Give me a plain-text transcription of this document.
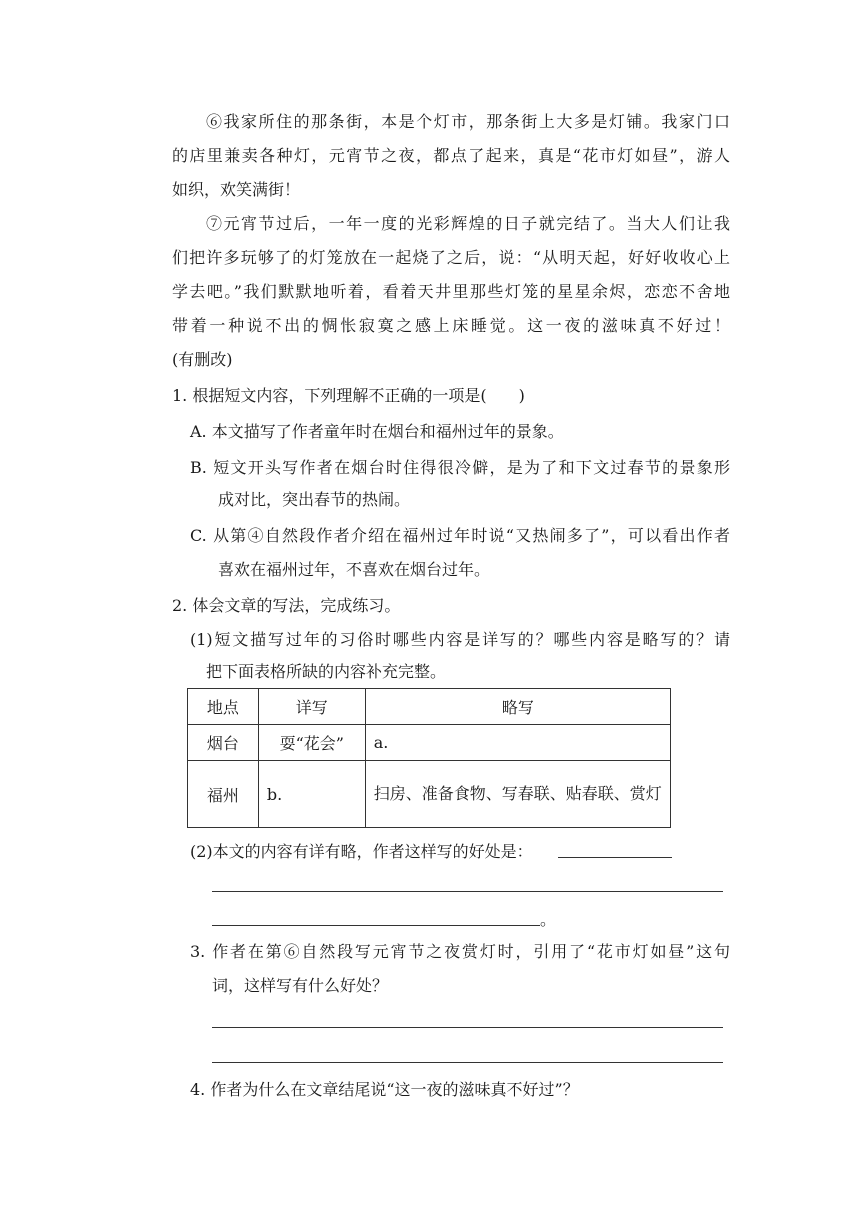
⑥我家所住的那条街，本是个灯市，那条街上大多是灯铺。我家门口
的店里兼卖各种灯，元宵节之夜，都点了起来，真是“花市灯如昼”，游人
如织，欢笑满街！
⑦元宵节过后，一年一度的光彩辉煌的日子就完结了。当大人们让我
们把许多玩够了的灯笼放在一起烧了之后，说：“从明天起，好好收收心上
学去吧。”我们默默地听着，看着天井里那些灯笼的星星余烬，恋恋不舍地
带着一种说不出的惆怅寂寞之感上床睡觉。这一夜的滋味真不好过！
(有删改)
1. 根据短文内容，下列理解不正确的一项是(　　)
A. 本文描写了作者童年时在烟台和福州过年的景象。
B. 短文开头写作者在烟台时住得很冷僻，是为了和下文过春节的景象形
成对比，突出春节的热闹。
C. 从第④自然段作者介绍在福州过年时说“又热闹多了”，可以看出作者
喜欢在福州过年，不喜欢在烟台过年。
2. 体会文章的写法，完成练习。
(1)短文描写过年的习俗时哪些内容是详写的？哪些内容是略写的？请
把下面表格所缺的内容补充完整。
地点	详写	略写
烟台	耍“花会”	a.
福州	b.	扫房、准备食物、写春联、贴春联、赏灯
(2)本文的内容有详有略，作者这样写的好处是：
。
3. 作者在第⑥自然段写元宵节之夜赏灯时，引用了“花市灯如昼”这句
词，这样写有什么好处？
4. 作者为什么在文章结尾说“这一夜的滋味真不好过”？
